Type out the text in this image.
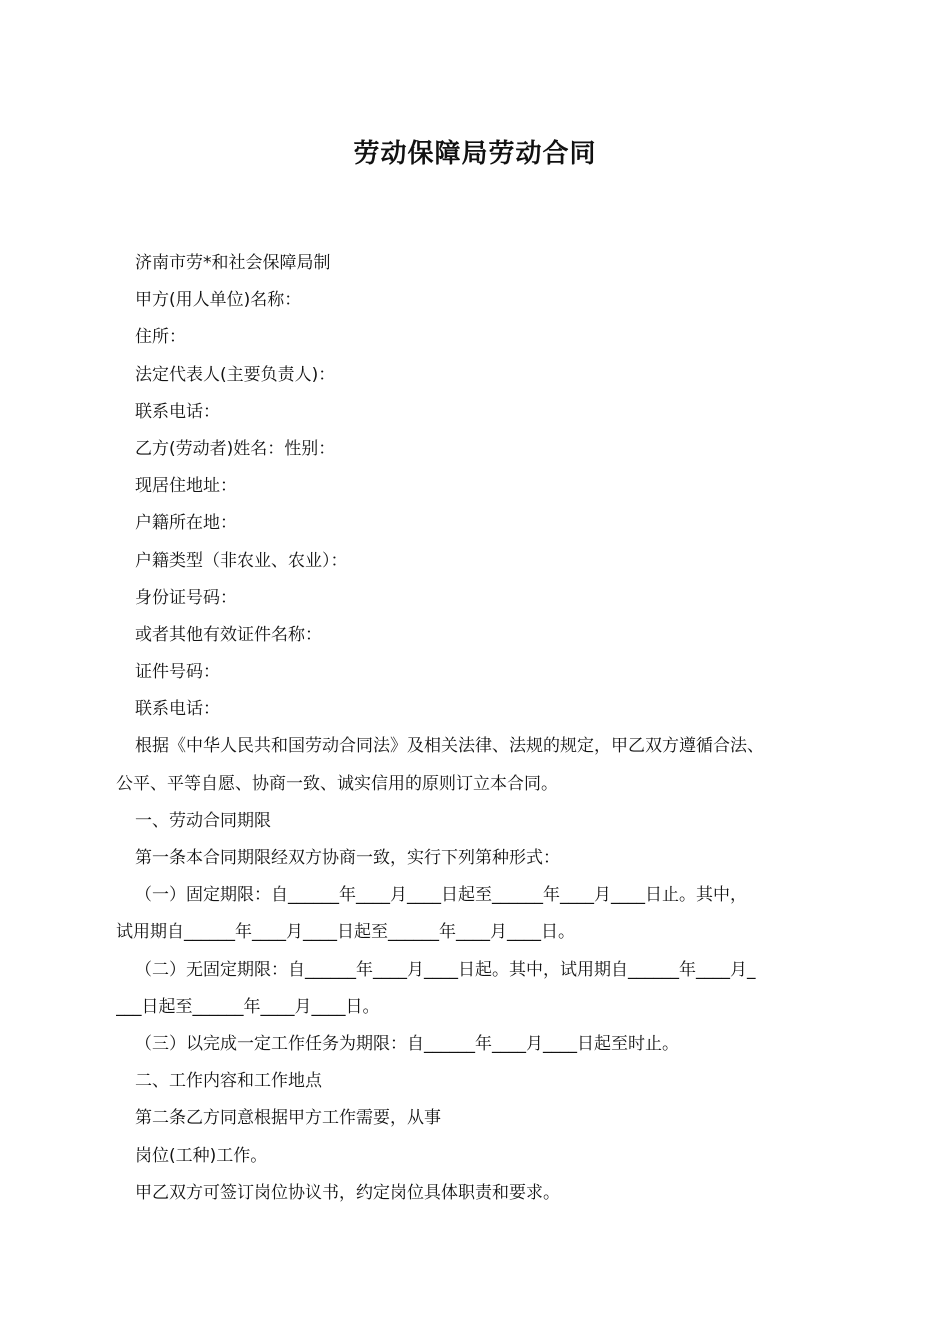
劳动保障局劳动合同
济南市劳*和社会保障局制
甲方(用人单位)名称：
住所：
法定代表人(主要负责人)：
联系电话：
乙方(劳动者)姓名：性别：
现居住地址：
户籍所在地：
户籍类型（非农业、农业）：
身份证号码：
或者其他有效证件名称：
证件号码：
联系电话：
根据《中华人民共和国劳动合同法》及相关法律、法规的规定，甲乙双方遵循合法、
公平、平等自愿、协商一致、诚实信用的原则订立本合同。
一、劳动合同期限
第一条本合同期限经双方协商一致，实行下列第种形式：
（一）固定期限：自______年____月____日起至______年____月____日止。其中，
试用期自______年____月____日起至______年____月____日。
（二）无固定期限：自______年____月____日起。其中，试用期自______年____月_
___日起至______年____月____日。
（三）以完成一定工作任务为期限：自______年____月____日起至时止。
二、工作内容和工作地点
第二条乙方同意根据甲方工作需要，从事
岗位(工种)工作。
甲乙双方可签订岗位协议书，约定岗位具体职责和要求。
